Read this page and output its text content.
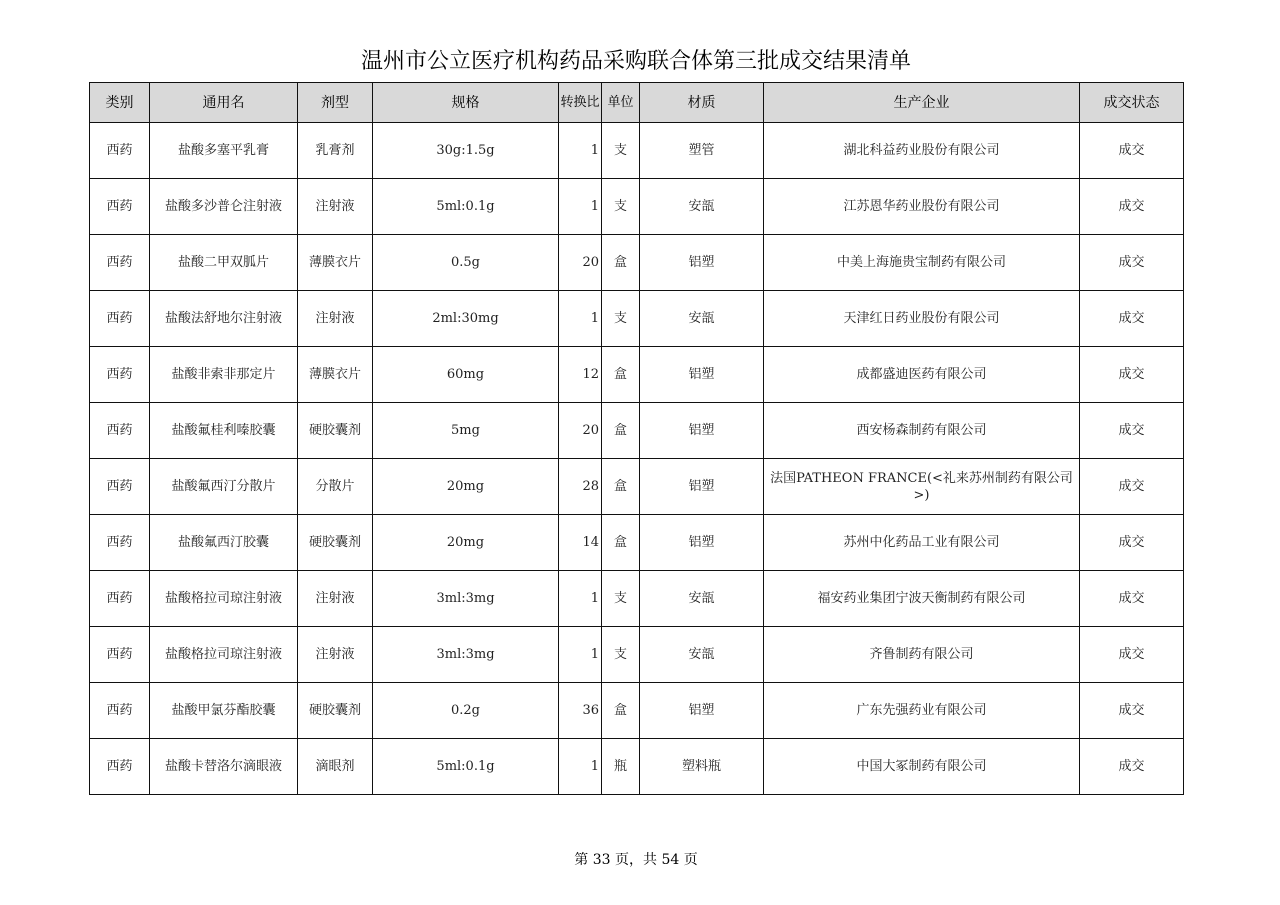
温州市公立医疗机构药品采购联合体第三批成交结果清单
类别	通用名	剂型	规格	转换比	单位	材质	生产企业	成交状态
西药	盐酸多塞平乳膏	乳膏剂	30g:1.5g	1	支	塑管	湖北科益药业股份有限公司	成交
西药	盐酸多沙普仑注射液	注射液	5ml:0.1g	1	支	安瓿	江苏恩华药业股份有限公司	成交
西药	盐酸二甲双胍片	薄膜衣片	0.5g	20	盒	铝塑	中美上海施贵宝制药有限公司	成交
西药	盐酸法舒地尔注射液	注射液	2ml:30mg	1	支	安瓿	天津红日药业股份有限公司	成交
西药	盐酸非索非那定片	薄膜衣片	60mg	12	盒	铝塑	成都盛迪医药有限公司	成交
西药	盐酸氟桂利嗪胶囊	硬胶囊剂	5mg	20	盒	铝塑	西安杨森制药有限公司	成交
西药	盐酸氟西汀分散片	分散片	20mg	28	盒	铝塑	法国PATHEON FRANCE(<礼来苏州制药有限公司>)	成交
西药	盐酸氟西汀胶囊	硬胶囊剂	20mg	14	盒	铝塑	苏州中化药品工业有限公司	成交
西药	盐酸格拉司琼注射液	注射液	3ml:3mg	1	支	安瓿	福安药业集团宁波天衡制药有限公司	成交
西药	盐酸格拉司琼注射液	注射液	3ml:3mg	1	支	安瓿	齐鲁制药有限公司	成交
西药	盐酸甲氯芬酯胶囊	硬胶囊剂	0.2g	36	盒	铝塑	广东先强药业有限公司	成交
西药	盐酸卡替洛尔滴眼液	滴眼剂	5ml:0.1g	1	瓶	塑料瓶	中国大冢制药有限公司	成交
第 33 页，共 54 页
